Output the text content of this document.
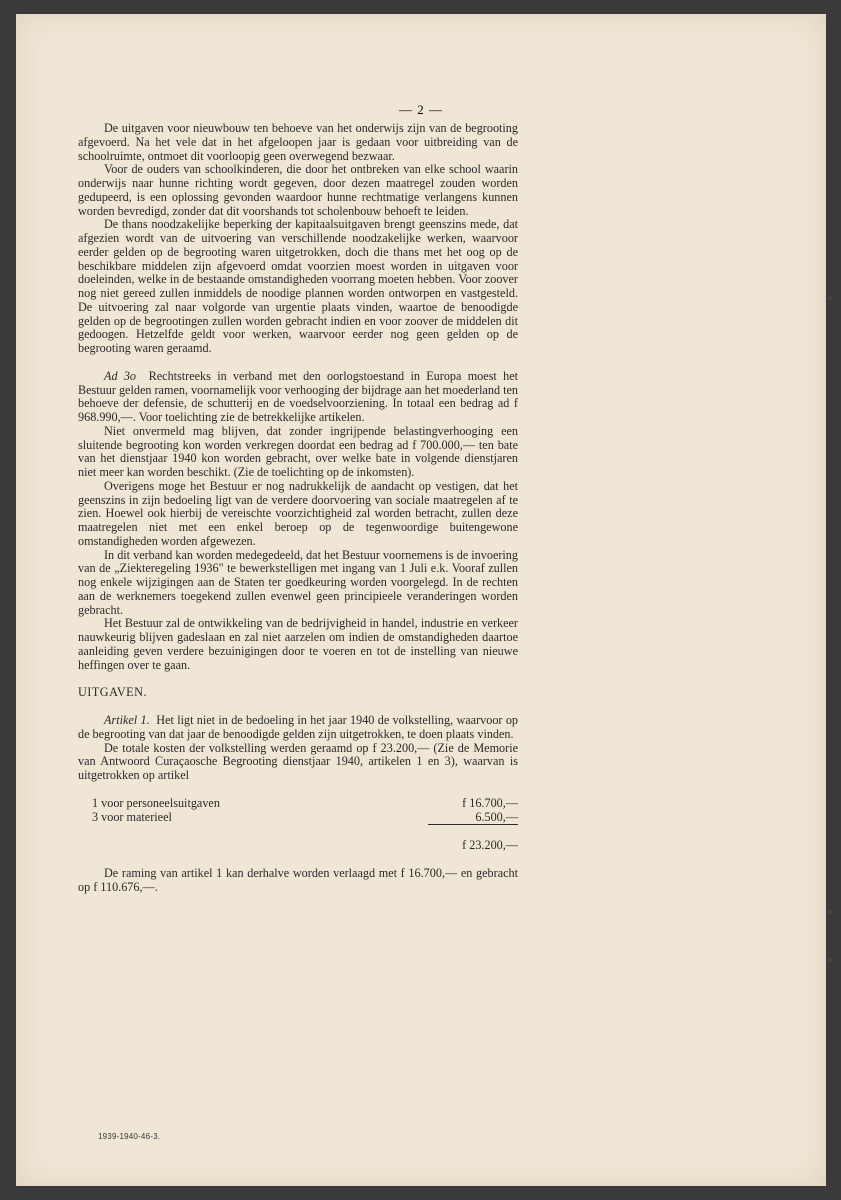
— 2 —

De uitgaven voor nieuwbouw ten behoeve van het onderwijs zijn van de begrooting afgevoerd. Na het vele dat in het afgeloopen jaar is gedaan voor uitbreiding van de schoolruimte, ontmoet dit voorloopig geen overwegend bezwaar.

Voor de ouders van schoolkinderen, die door het ontbreken van elke school waarin onderwijs naar hunne richting wordt gegeven, door dezen maatregel zouden worden gedupeerd, is een oplossing gevonden waardoor hunne rechtmatige verlangens kunnen worden bevredigd, zonder dat dit voorshands tot scholenbouw behoeft te leiden.

De thans noodzakelijke beperking der kapitaalsuitgaven brengt geenszins mede, dat afgezien wordt van de uitvoering van verschillende noodzakelijke werken, waarvoor eerder gelden op de begrooting waren uitgetrokken, doch die thans met het oog op de beschikbare middelen zijn afgevoerd omdat voorzien moest worden in uitgaven voor doeleinden, welke in de bestaande omstandigheden voorrang moeten hebben. Voor zoover nog niet gereed zullen inmiddels de noodige plannen worden ontworpen en vastgesteld. De uitvoering zal naar volgorde van urgentie plaats vinden, waartoe de benoodigde gelden op de begrootingen zullen worden gebracht indien en voor zoover de middelen dit gedoogen. Hetzelfde geldt voor werken, waarvoor eerder nog geen gelden op de begrooting waren geraamd.

Ad 3o Rechtstreeks in verband met den oorlogstoestand in Europa moest het Bestuur gelden ramen, voornamelijk voor verhooging der bijdrage aan het moederland ten behoeve der defensie, de schutterij en de voedselvoorziening. In totaal een bedrag ad f 968.990,—. Voor toelichting zie de betrekkelijke artikelen.

Niet onvermeld mag blijven, dat zonder ingrijpende belastingverhooging een sluitende begrooting kon worden verkregen doordat een bedrag ad f 700.000,— ten bate van het dienstjaar 1940 kon worden gebracht, over welke bate in volgende dienstjaren niet meer kan worden beschikt. (Zie de toelichting op de inkomsten).

Overigens moge het Bestuur er nog nadrukkelijk de aandacht op vestigen, dat het geenszins in zijn bedoeling ligt van de verdere doorvoering van sociale maatregelen af te zien. Hoewel ook hierbij de vereischte voorzichtigheid zal worden betracht, zullen deze maatregelen niet met een enkel beroep op de tegenwoordige buitengewone omstandigheden worden afgewezen.

In dit verband kan worden medegedeeld, dat het Bestuur voornemens is de invoering van de „Ziekteregeling 1936" te bewerkstelligen met ingang van 1 Juli e.k. Vooraf zullen nog enkele wijzigingen aan de Staten ter goedkeuring worden voorgelegd. In de rechten aan de werknemers toegekend zullen evenwel geen principieele veranderingen worden gebracht.

Het Bestuur zal de ontwikkeling van de bedrijvigheid in handel, industrie en verkeer nauwkeurig blijven gadeslaan en zal niet aarzelen om indien de omstandigheden daartoe aanleiding geven verdere bezuinigingen door te voeren en tot de instelling van nieuwe heffingen over te gaan.

UITGAVEN.

Artikel 1. Het ligt niet in de bedoeling in het jaar 1940 de volkstelling, waarvoor op de begrooting van dat jaar de benoodigde gelden zijn uitgetrokken, te doen plaats vinden.

De totale kosten der volkstelling werden geraamd op f 23.200,— (Zie de Memorie van Antwoord Curaçaosche Begrooting dienstjaar 1940, artikelen 1 en 3), waarvan is uitgetrokken op artikel

1 voor personeelsuitgaven	f 16.700,—
3 voor materieel	6.500,—
	f 23.200,—

De raming van artikel 1 kan derhalve worden verlaagd met f 16.700,— en gebracht op f 110.676,—.

1939-1940-46-3.
